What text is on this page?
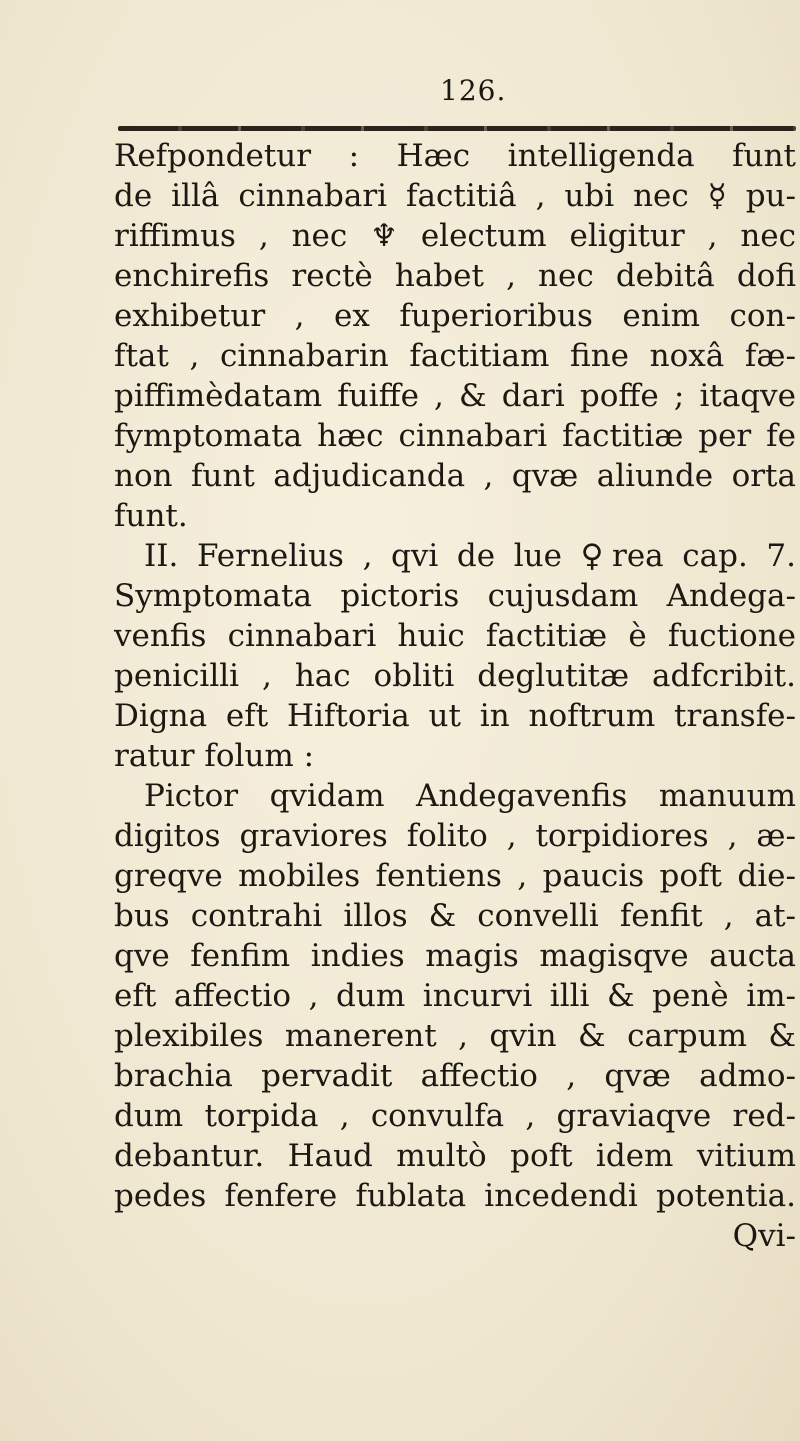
126.
Refpondetur : Hæc intelligenda funt
de illâ cinnabari factitiâ , ubi nec ☿ pu-
riffimus , nec ♆ electum eligitur , nec
enchirefis rectè habet , nec debitâ dofi
exhibetur , ex fuperioribus enim con-
ftat , cinnabarin factitiam fine noxâ fæ-
piffimèdatam fuiffe , & dari poffe ; itaqve
fymptomata hæc cinnabari factitiæ per fe
non funt adjudicanda , qvæ aliunde orta
funt.
II. Fernelius , qvi de lue ♀rea cap. 7.
Symptomata pictoris cujusdam Andega-
venfis cinnabari huic factitiæ è fuctione
penicilli , hac obliti deglutitæ adfcribit.
Digna eft Hiftoria ut in noftrum transfe-
ratur folum :
Pictor qvidam Andegavenfis manuum
digitos graviores folito , torpidiores , æ-
greqve mobiles fentiens , paucis poft die-
bus contrahi illos & convelli fenfit , at-
qve fenfim indies magis magisqve aucta
eft affectio , dum incurvi illi & penè im-
plexibiles manerent , qvin & carpum &
brachia pervadit affectio , qvæ admo-
dum torpida , convulfa , graviaqve red-
debantur. Haud multò poft idem vitium
pedes fenfere fublata incedendi potentia.
Qvi-
